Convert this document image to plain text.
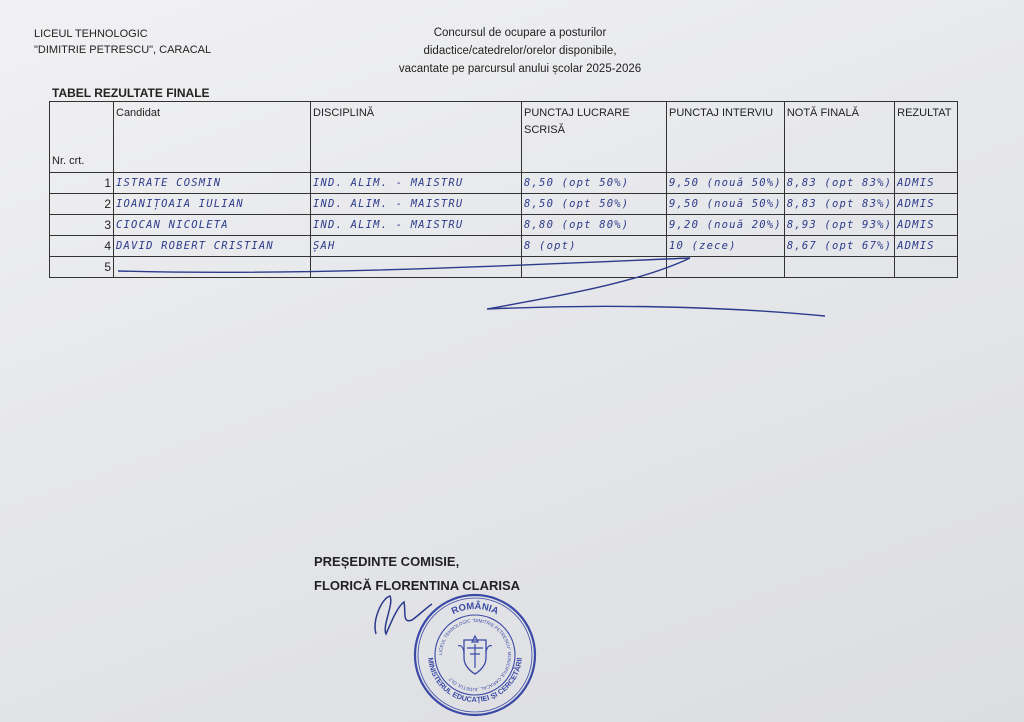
LICEUL TEHNOLOGIC
"DIMITRIE PETRESCU", CARACAL
Concursul de ocupare a posturilor
didactice/catedrelor/orelor disponibile,
vacantate pe parcursul anului școlar 2025-2026
TABEL REZULTATE FINALE
Nr. crt.	Candidat	DISCIPLINĂ	PUNCTAJ LUCRARE SCRISĂ	PUNCTAJ INTERVIU	NOTĂ FINALĂ	REZULTAT
1	ISTRATE COSMIN	IND. ALIM. - MAISTRU	8,50 (opt 50%)	9,50 (nouă 50%)	8,83 (opt 83%)	ADMIS
2	IOANIȚOAIA IULIAN	IND. ALIM. - MAISTRU	8,50 (opt 50%)	9,50 (nouă 50%)	8,83 (opt 83%)	ADMIS
3	CIOCAN NICOLETA	IND. ALIM. - MAISTRU	8,80 (opt 80%)	9,20 (nouă 20%)	8,93 (opt 93%)	ADMIS
4	DAVID ROBERT CRISTIAN	ȘAH	8 (opt)	10 (zece)	8,67 (opt 67%)	ADMIS
5						
PREȘEDINTE COMISIE,
FLORICĂ FLORENTINA CLARISA
ROMÂNIA
MINISTERUL EDUCAȚIEI ȘI CERCETĂRII
LICEUL TEHNOLOGIC "DIMITRIE PETRESCU" MUNICIPIUL CARACAL, JUDEȚUL OLT
